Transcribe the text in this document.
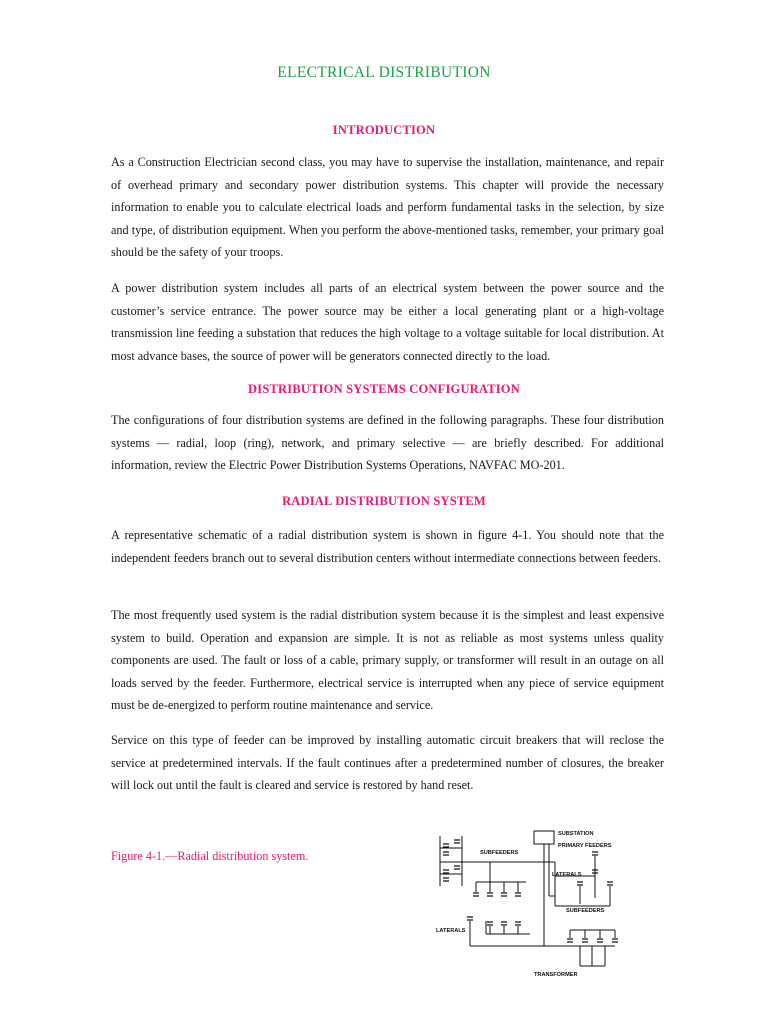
ELECTRICAL DISTRIBUTION
INTRODUCTION

As a Construction Electrician second class, you may have to supervise the installation, maintenance, and repair of overhead primary and secondary power distribution systems. This chapter will provide the necessary information to enable you to calculate electrical loads and perform fundamental tasks in the selection, by size and type, of distribution equipment. When you perform the above-mentioned tasks, remember, your primary goal should be the safety of your troops.

A power distribution system includes all parts of an electrical system between the power source and the customer’s service entrance. The power source may be either a local generating plant or a high-voltage transmission line feeding a substation that reduces the high voltage to a voltage suitable for local distribution. At most advance bases, the source of power will be generators connected directly to the load.

DISTRIBUTION SYSTEMS CONFIGURATION

The configurations of four distribution systems are defined in the following paragraphs. These four distribution systems — radial, loop (ring), network, and primary selective — are briefly described. For additional information, review the Electric Power Distribution Systems Operations, NAVFAC MO-201.

RADIAL DISTRIBUTION SYSTEM

A representative schematic of a radial distribution system is shown in figure 4-1. You should note that the independent feeders branch out to several distribution centers without intermediate connections between feeders.

The most frequently used system is the radial distribution system because it is the simplest and least expensive system to build. Operation and expansion are simple. It is not as reliable as most systems unless quality components are used. The fault or loss of a cable, primary supply, or transformer will result in an outage on all loads served by the feeder. Furthermore, electrical service is interrupted when any piece of service equipment must be de-energized to perform routine maintenance and service.

Service on this type of feeder can be improved by installing automatic circuit breakers that will reclose the service at predetermined intervals. If the fault continues after a predetermined number of closures, the breaker will lock out until the fault is cleared and service is restored by hand reset.

Figure 4-1.—Radial distribution system.
SUBSTATION
PRIMARY FEEDERS
SUBFEEDERS
LATERALS
SUBFEEDERS
LATERALS
TRANSFORMER
